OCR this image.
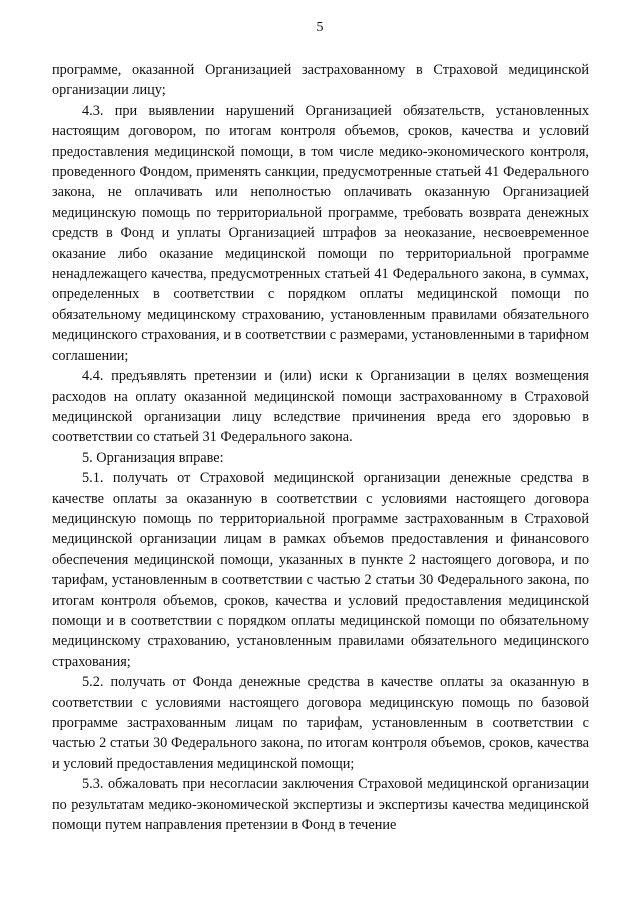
5

программе, оказанной Организацией застрахованному в Страховой медицинской организации лицу;

4.3. при выявлении нарушений Организацией обязательств, установленных настоящим договором, по итогам контроля объемов, сроков, качества и условий предоставления медицинской помощи, в том числе медико-экономического контроля, проведенного Фондом, применять санкции, предусмотренные статьей 41 Федерального закона, не оплачивать или неполностью оплачивать оказанную Организацией медицинскую помощь по территориальной программе, требовать возврата денежных средств в Фонд и уплаты Организацией штрафов за неоказание, несвоевременное оказание либо оказание медицинской помощи по территориальной программе ненадлежащего качества, предусмотренных статьей 41 Федерального закона, в суммах, определенных в соответствии с порядком оплаты медицинской помощи по обязательному медицинскому страхованию, установленным правилами обязательного медицинского страхования, и в соответствии с размерами, установленными в тарифном соглашении;

4.4. предъявлять претензии и (или) иски к Организации в целях возмещения расходов на оплату оказанной медицинской помощи застрахованному в Страховой медицинской организации лицу вследствие причинения вреда его здоровью в соответствии со статьей 31 Федерального закона.

5. Организация вправе:

5.1. получать от Страховой медицинской организации денежные средства в качестве оплаты за оказанную в соответствии с условиями настоящего договора медицинскую помощь по территориальной программе застрахованным в Страховой медицинской организации лицам в рамках объемов предоставления и финансового обеспечения медицинской помощи, указанных в пункте 2 настоящего договора, и по тарифам, установленным в соответствии с частью 2 статьи 30 Федерального закона, по итогам контроля объемов, сроков, качества и условий предоставления медицинской помощи и в соответствии с порядком оплаты медицинской помощи по обязательному медицинскому страхованию, установленным правилами обязательного медицинского страхования;

5.2. получать от Фонда денежные средства в качестве оплаты за оказанную в соответствии с условиями настоящего договора медицинскую помощь по базовой программе застрахованным лицам по тарифам, установленным в соответствии с частью 2 статьи 30 Федерального закона, по итогам контроля объемов, сроков, качества и условий предоставления медицинской помощи;

5.3. обжаловать при несогласии заключения Страховой медицинской организации по результатам медико-экономической экспертизы и экспертизы качества медицинской помощи путем направления претензии в Фонд в течение
